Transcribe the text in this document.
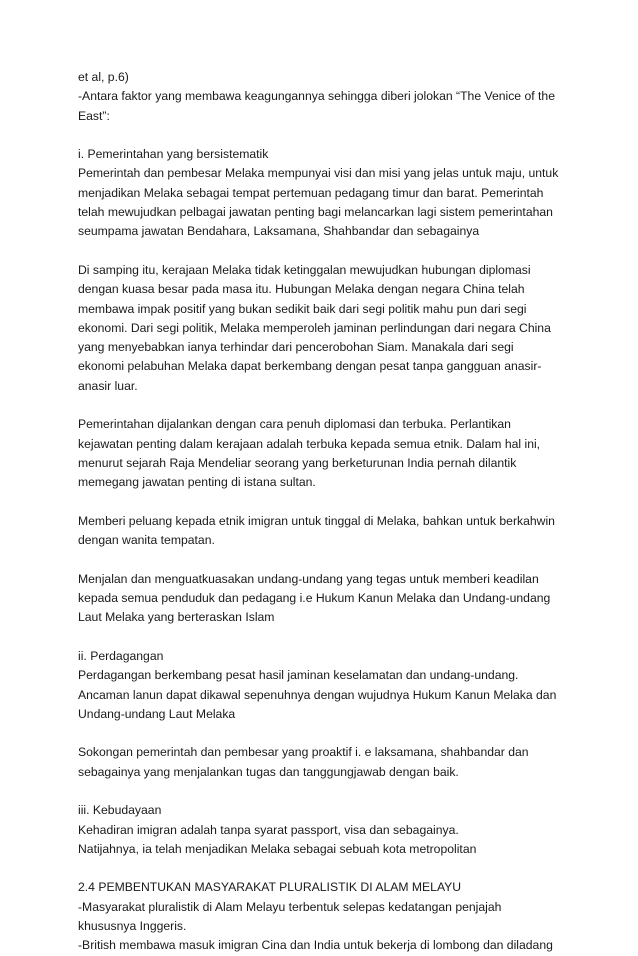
et al, p.6)
-Antara faktor yang membawa keagungannya sehingga diberi jolokan “The Venice of the
East”:
i. Pemerintahan yang bersistematik
Pemerintah dan pembesar Melaka mempunyai visi dan misi yang jelas untuk maju, untuk
menjadikan Melaka sebagai tempat pertemuan pedagang timur dan barat. Pemerintah
telah mewujudkan pelbagai jawatan penting bagi melancarkan lagi sistem pemerintahan
seumpama jawatan Bendahara, Laksamana, Shahbandar dan sebagainya
Di samping itu, kerajaan Melaka tidak ketinggalan mewujudkan hubungan diplomasi
dengan kuasa besar pada masa itu. Hubungan Melaka dengan negara China telah
membawa impak positif yang bukan sedikit baik dari segi politik mahu pun dari segi
ekonomi. Dari segi politik, Melaka memperoleh jaminan perlindungan dari negara China
yang menyebabkan ianya terhindar dari pencerobohan Siam. Manakala dari segi
ekonomi pelabuhan Melaka dapat berkembang dengan pesat tanpa gangguan anasir-
anasir luar.
Pemerintahan dijalankan dengan cara penuh diplomasi dan terbuka. Perlantikan
kejawatan penting dalam kerajaan adalah terbuka kepada semua etnik. Dalam hal ini,
menurut sejarah Raja Mendeliar seorang yang berketurunan India pernah dilantik
memegang jawatan penting di istana sultan.
Memberi peluang kepada etnik imigran untuk tinggal di Melaka, bahkan untuk berkahwin
dengan wanita tempatan.
Menjalan dan menguatkuasakan undang-undang yang tegas untuk memberi keadilan
kepada semua penduduk dan pedagang i.e Hukum Kanun Melaka dan Undang-undang
Laut Melaka yang berteraskan Islam
ii. Perdagangan
Perdagangan berkembang pesat hasil jaminan keselamatan dan undang-undang.
Ancaman lanun dapat dikawal sepenuhnya dengan wujudnya Hukum Kanun Melaka dan
Undang-undang Laut Melaka
Sokongan pemerintah dan pembesar yang proaktif i. e laksamana, shahbandar dan
sebagainya yang menjalankan tugas dan tanggungjawab dengan baik.
iii. Kebudayaan
Kehadiran imigran adalah tanpa syarat passport, visa dan sebagainya.
Natijahnya, ia telah menjadikan Melaka sebagai sebuah kota metropolitan
2.4 PEMBENTUKAN MASYARAKAT PLURALISTIK DI ALAM MELAYU
-Masyarakat pluralistik di Alam Melayu terbentuk selepas kedatangan penjajah
khususnya Inggeris.
-British membawa masuk imigran Cina dan India untuk bekerja di lombong dan diladang
